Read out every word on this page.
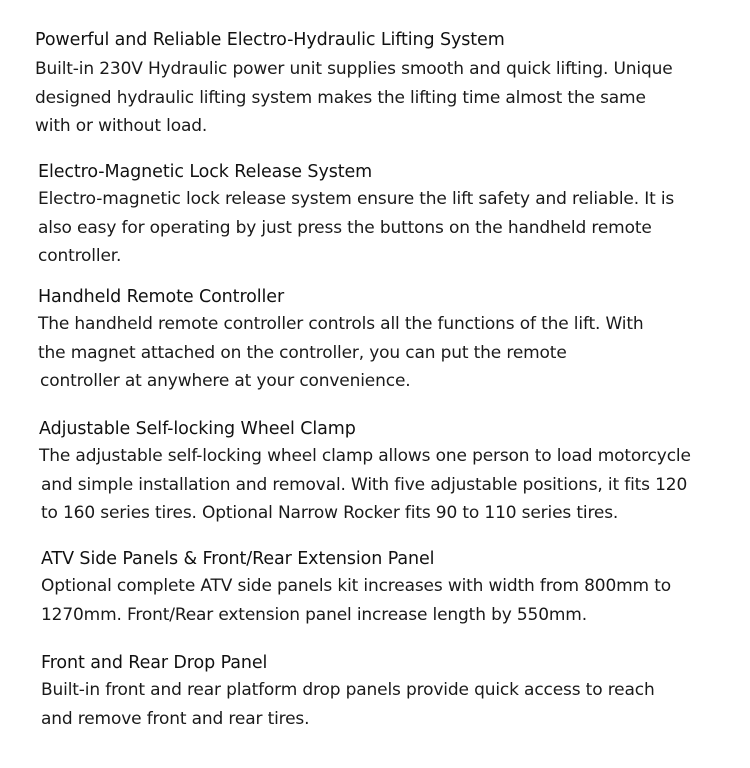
Powerful and Reliable Electro-Hydraulic Lifting System
Built-in 230V Hydraulic power unit supplies smooth and quick lifting. Unique
designed hydraulic lifting system makes the lifting time almost the same
with or without load.
Electro-Magnetic Lock Release System
Electro-magnetic lock release system ensure the lift safety and reliable. It is
also easy for operating by just press the buttons on the handheld remote
controller.
Handheld Remote Controller
The handheld remote controller controls all the functions of the lift. With
the magnet attached on the controller, you can put the remote
controller at anywhere at your convenience.
Adjustable Self-locking Wheel Clamp
The adjustable self-locking wheel clamp allows one person to load motorcycle
and simple installation and removal. With five adjustable positions, it fits 120
to 160 series tires. Optional Narrow Rocker fits 90 to 110 series tires.
ATV Side Panels & Front/Rear Extension Panel
Optional complete ATV side panels kit increases with width from 800mm to
1270mm. Front/Rear extension panel increase length by 550mm.
Front and Rear Drop Panel
Built-in front and rear platform drop panels provide quick access to reach
and remove front and rear tires.
